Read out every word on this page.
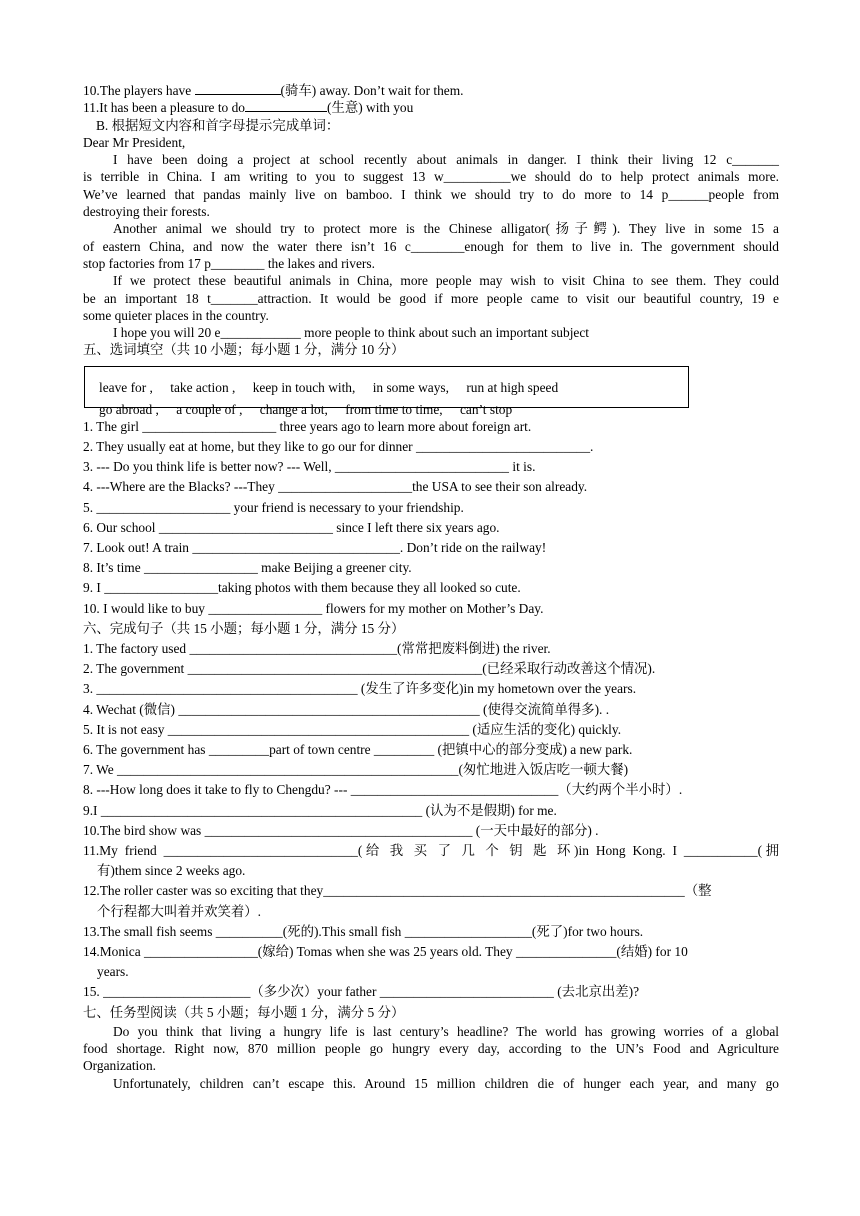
10.The players have	(骑车) away. Don’t wait for them.
11.It has been a pleasure to do	(生意) with you
B. 根据短文内容和首字母提示完成单词：
Dear Mr President,
I have been doing a project at school recently about animals in danger. I think their living 12 c_______
is terrible in China. I am writing to you to suggest 13 w__________we should do to help protect animals more.
We’ve learned that pandas mainly live on bamboo. I think we should try to do more to 14 p______people from
destroying their forests.
Another animal we should try to protect more is the Chinese alligator(扬子鳄). They live in some 15 a
of eastern China, and now the water there isn’t 16 c________enough for them to live in. The government should
stop factories from 17 p________ the lakes and rivers.
If we protect these beautiful animals in China, more people may wish to visit China to see them. They could
be an important 18 t_______attraction. It would be good if more people came to visit our beautiful country, 19 e
some quieter places in the country.
I hope you will 20 e____________ more people to think about such an important subject
五、选词填空（共 10 小题；每小题 1 分，满分 10 分）
leave for , take action , keep in touch with, in some ways, run at high speed
go abroad , a couple of , change a lot, from time to time, can’t stop
1. The girl ____________________ three years ago to learn more about foreign art.
2. They usually eat at home, but they like to go our for dinner __________________________.
3. --- Do you think life is better now? --- Well, __________________________ it is.
4. ---Where are the Blacks? ---They ____________________the USA to see their son already.
5. ____________________ your friend is necessary to your friendship.
6. Our school __________________________ since I left there six years ago.
7. Look out! A train _______________________________. Don’t ride on the railway!
8. It’s time _________________ make Beijing a greener city.
9. I _________________taking photos with them because they all looked so cute.
10. I would like to buy _________________ flowers for my mother on Mother’s Day.
六、完成句子（共 15 小题；每小题 1 分，满分 15 分）
1. The factory used _______________________________(常常把废料倒进) the river.
2. The government ____________________________________________(已经采取行动改善这个情况).
3. _______________________________________ (发生了许多变化)in my hometown over the years.
4. Wechat (微信) _____________________________________________ (使得交流简单得多). .
5. It is not easy _____________________________________________ (适应生活的变化) quickly.
6. The government has _________part of town centre _________ (把镇中心的部分变成) a new park.
7. We ___________________________________________________(匆忙地进入饭店吃一顿大餐)
8. ---How long does it take to fly to Chengdu? --- _______________________________（大约两个半小时）.
9.I ________________________________________________ (认为不是假期) for me.
10.The bird show was ________________________________________ (一天中最好的部分) .
11.My friend _____________________________(给 我 买 了 几 个 钥 匙 环)in Hong Kong. I ___________(拥
有)them since 2 weeks ago.
12.The roller caster was so exciting that they______________________________________________________（整
个行程都大叫着并欢笑着）.
13.The small fish seems __________(死的).This small fish ___________________(死了)for two hours.
14.Monica _________________(嫁给) Tomas when she was 25 years old. They _______________(结婚) for 10
years.
15. ______________________（多少次）your father __________________________ (去北京出差)?
七、任务型阅读（共 5 小题；每小题 1 分，满分 5 分）
Do you think that living a hungry life is last century’s headline? The world has growing worries of a global
food shortage. Right now, 870 million people go hungry every day, according to the UN’s Food and Agriculture
Organization.
Unfortunately, children can’t escape this. Around 15 million children die of hunger each year, and many go
